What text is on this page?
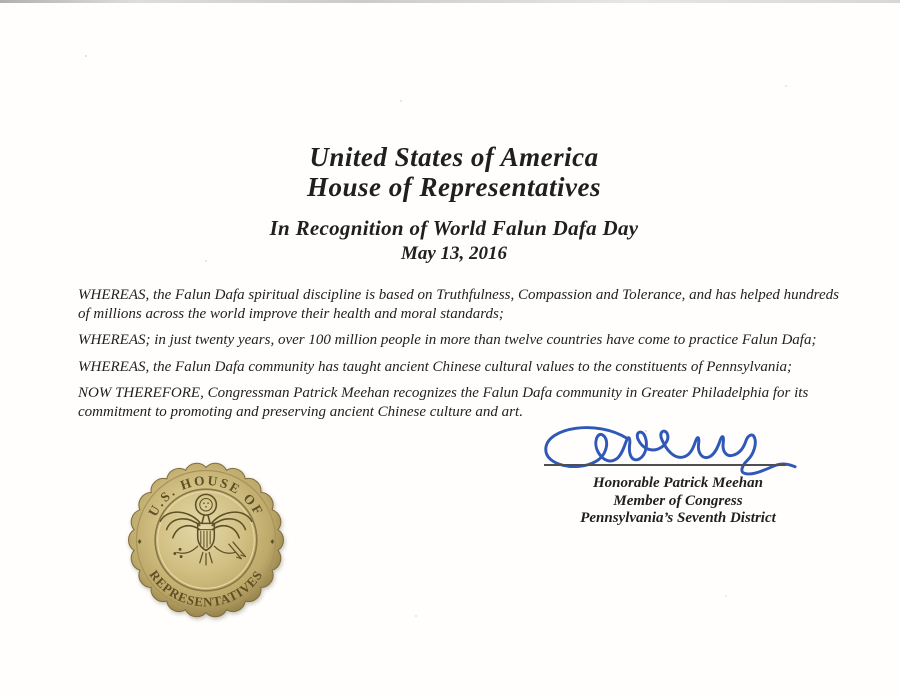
United States of America
House of Representatives
In Recognition of World Falun Dafa Day
May 13, 2016

WHEREAS, the Falun Dafa spiritual discipline is based on Truthfulness, Compassion and Tolerance, and has helped hundreds of millions across the world improve their health and moral standards;

WHEREAS; in just twenty years, over 100 million people in more than twelve countries have come to practice Falun Dafa;

WHEREAS, the Falun Dafa community has taught ancient Chinese cultural values to the constituents of Pennsylvania;

NOW THEREFORE, Congressman Patrick Meehan recognizes the Falun Dafa community in Greater Philadelphia for its commitment to promoting and preserving ancient Chinese culture and art.

Honorable Patrick Meehan
Member of Congress
Pennsylvania’s Seventh District
U.S. HOUSE OF
REPRESENTATIVES
♦	♦
